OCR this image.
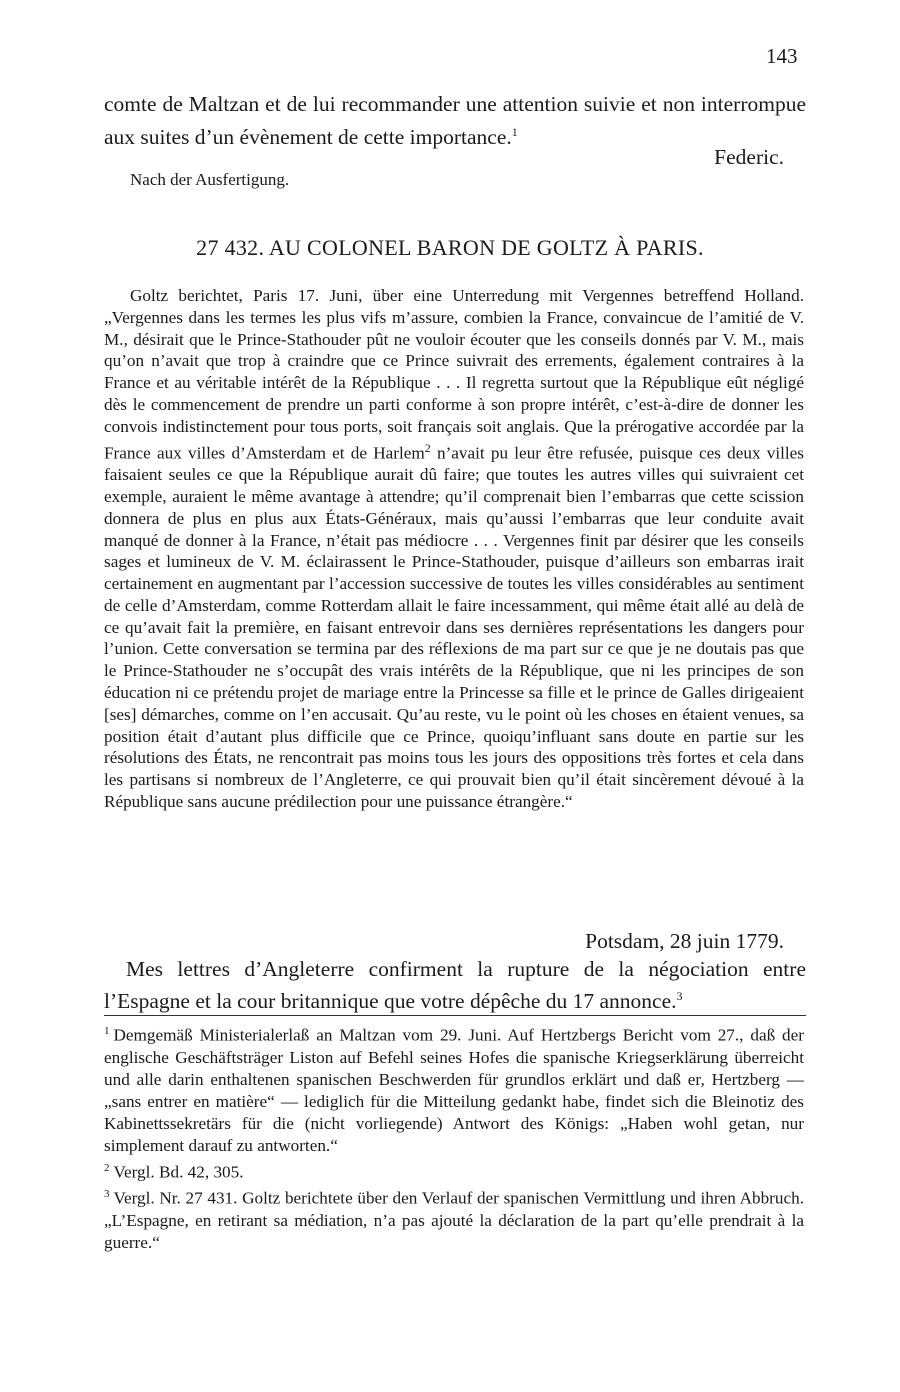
143
comte de Maltzan et de lui recommander une attention suivie et non interrompue aux suites d’un évènement de cette importance.$^1$
Federic.
Nach der Ausfertigung.
27 432. AU COLONEL BARON DE GOLTZ À PARIS.
Goltz berichtet, Paris 17. Juni, über eine Unterredung mit Vergennes betreffend Holland. „Vergennes dans les termes les plus vifs m’assure, combien la France, convaincue de l’amitié de V. M., désirait que le Prince-Stathouder pût ne vouloir écouter que les conseils donnés par V. M., mais qu’on n’avait que trop à craindre que ce Prince suivrait des errements, également contraires à la France et au véritable intérêt de la République . . . Il regretta surtout que la République eût négligé dès le commencement de prendre un parti conforme à son propre intérêt, c’est-à-dire de donner les convois indistinctement pour tous ports, soit français soit anglais. Que la prérogative accordée par la France aux villes d’Amsterdam et de Harlem$^2$ n’avait pu leur être refusée, puisque ces deux villes faisaient seules ce que la République aurait dû faire; que toutes les autres villes qui suivraient cet exemple, auraient le même avantage à attendre; qu’il comprenait bien l’embarras que cette scission donnera de plus en plus aux États-Généraux, mais qu’aussi l’embarras que leur conduite avait manqué de donner à la France, n’était pas médiocre . . . Vergennes finit par désirer que les conseils sages et lumineux de V. M. éclairassent le Prince-Stathouder, puisque d’ailleurs son embarras irait certainement en augmentant par l’accession successive de toutes les villes considérables au sentiment de celle d’Amsterdam, comme Rotterdam allait le faire incessamment, qui même était allé au delà de ce qu’avait fait la première, en faisant entrevoir dans ses dernières représentations les dangers pour l’union. Cette conversation se termina par des réflexions de ma part sur ce que je ne doutais pas que le Prince-Stathouder ne s’occupât des vrais intérêts de la République, que ni les principes de son éducation ni ce prétendu projet de mariage entre la Princesse sa fille et le prince de Galles dirigeaient [ses] démarches, comme on l’en accusait. Qu’au reste, vu le point où les choses en étaient venues, sa position était d’autant plus difficile que ce Prince, quoiqu’influant sans doute en partie sur les résolutions des États, ne rencontrait pas moins tous les jours des oppositions très fortes et cela dans les partisans si nombreux de l’Angleterre, ce qui prouvait bien qu’il était sincèrement dévoué à la République sans aucune prédilection pour une puissance étrangère.“
Potsdam, 28 juin 1779.
Mes lettres d’Angleterre confirment la rupture de la négociation entre l’Espagne et la cour britannique que votre dépêche du 17 annonce.$^3$

$^1$ Demgemäß Ministerialerlaß an Maltzan vom 29. Juni. Auf Hertzbergs Bericht vom 27., daß der englische Geschäftsträger Liston auf Befehl seines Hofes die spanische Kriegserklärung überreicht und alle darin enthaltenen spanischen Beschwerden für grundlos erklärt und daß er, Hertzberg — „sans entrer en matière“ — lediglich für die Mitteilung gedankt habe, findet sich die Bleinotiz des Kabinettssekretärs für die (nicht vorliegende) Antwort des Königs: „Haben wohl getan, nur simplement darauf zu antworten.“

$^2$ Vergl. Bd. 42, 305.

$^3$ Vergl. Nr. 27 431. Goltz berichtete über den Verlauf der spanischen Vermittlung und ihren Abbruch. „L’Espagne, en retirant sa médiation, n’a pas ajouté la déclaration de la part qu’elle prendrait à la guerre.“
